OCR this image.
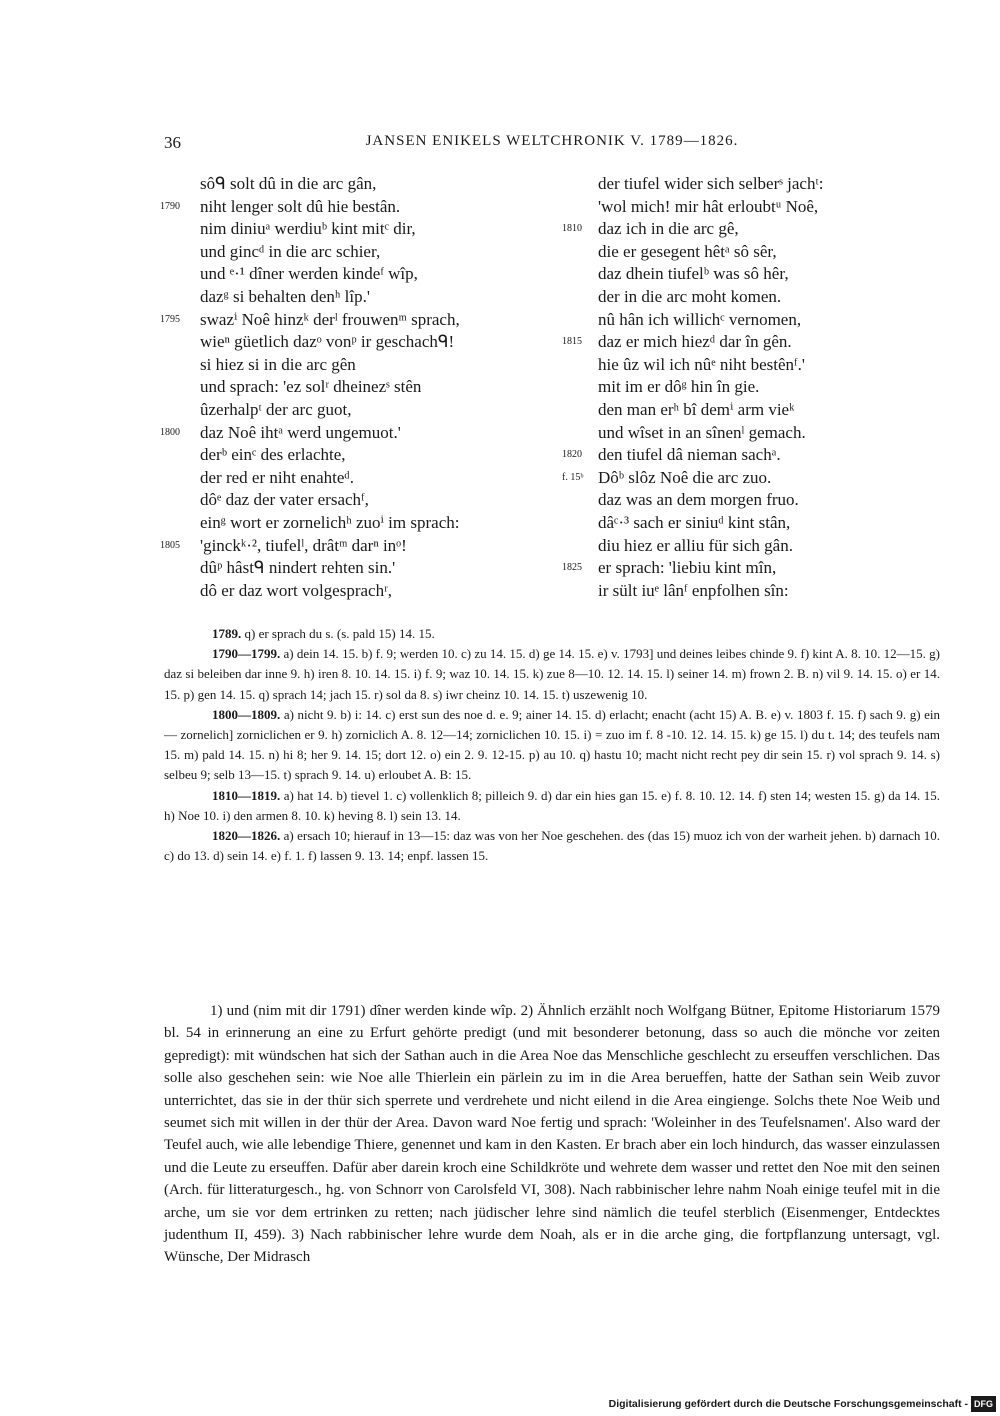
36	JANSEN ENIKELS WELTCHRONIK V. 1789—1826.
sôᑫ solt dû in die arc gân,
1790 niht lenger solt dû hie bestân.
nim diniuᵃ werdiuᵇ kint mitᶜ dir,
und gincᵈ in die arc schier,
und ᵉ·¹ dîner werden kindeᶠ wîp,
dazᵍ si behalten denʰ lîp.'
1795 swazⁱ Noê hinzᵏ derˡ frouwenᵐ sprach,
wieⁿ güetlich dazᵒ vonᵖ ir geschachᑫ!
si hiez si in die arc gên
und sprach: 'ez solʳ dheinezˢ stên
ûzerhalpᵗ der arc guot,
1800 daz Noê ihtᵃ werd ungemuot.'
derᵇ einᶜ des erlachte,
der red er niht enahteᵈ.
dôᵉ daz der vater ersachᶠ,
einᵍ wort er zornelichʰ zuoⁱ im sprach:
1805 'ginckᵏ·², tiufelˡ, drâtᵐ darⁿ inᵒ!
dûᵖ hâstᑫ nindert rehten sin.'
dô er daz wort volgesprachʳ,
der tiufel wider sich selberˢ jachᵗ:
'wol mich! mir hât erloubtᵘ Noê,
1810 daz ich in die arc gê,
die er gesegent hêtᵃ sô sêr,
daz dhein tiufelᵇ was sô hêr,
der in die arc moht komen.
nû hân ich willichᶜ vernomen,
1815 daz er mich hiezᵈ dar în gên.
hie ûz wil ich nûᵉ niht bestênᶠ.'
mit im er dôᵍ hin în gie.
den man erʰ bî demⁱ arm vieᵏ
und wîset in an sînenˡ gemach.
1820 den tiufel dâ nieman sachᵃ.
f. 15ᵇ Dôᵇ slôz Noê die arc zuo.
daz was an dem morgen fruo.
dâᶜ·³ sach er siniuᵈ kint stân,
diu hiez er alliu für sich gân.
1825 er sprach: 'liebiu kint mîn,
ir sült iuᵉ lânᶠ enpfolhen sîn:

1789. q) er sprach du s. (s. pald 15) 14. 15.

1790—1799. a) dein 14. 15. b) f. 9; werden 10. c) zu 14. 15. d) ge 14. 15. e) v. 1793] und deines leibes chinde 9. f) kint A. 8. 10. 12—15. g) daz si beleiben dar inne 9. h) iren 8. 10. 14. 15. i) f. 9; waz 10. 14. 15. k) zue 8—10. 12. 14. 15. l) seiner 14. m) frown 2. B. n) vil 9. 14. 15. o) er 14. 15. p) gen 14. 15. q) sprach 14; jach 15. r) sol da 8. s) iwr cheinz 10. 14. 15. t) uszewenig 10.

1800—1809. a) nicht 9. b) i: 14. c) erst sun des noe d. e. 9; ainer 14. 15. d) erlacht; enacht (acht 15) A. B. e) v. 1803 f. 15. f) sach 9. g) ein — zornelich] zorniclichen er 9. h) zorniclich A. 8. 12—14; zorniclichen 10. 15. i) = zuo im f. 8 -10. 12. 14. 15. k) ge 15. l) du t. 14; des teufels nam 15. m) pald 14. 15. n) hi 8; her 9. 14. 15; dort 12. o) ein 2. 9. 12-15. p) au 10. q) hastu 10; macht nicht recht pey dir sein 15. r) vol sprach 9. 14. s) selbeu 9; selb 13—15. t) sprach 9. 14. u) erloubet A. B: 15.

1810—1819. a) hat 14. b) tievel 1. c) vollenklich 8; pilleich 9. d) dar ein hies gan 15. e) f. 8. 10. 12. 14. f) sten 14; westen 15. g) da 14. 15. h) Noe 10. i) den armen 8. 10. k) heving 8. l) sein 13. 14.

1820—1826. a) ersach 10; hierauf in 13—15: daz was von her Noe geschehen. des (das 15) muoz ich von der warheit jehen. b) darnach 10. c) do 13. d) sein 14. e) f. 1. f) lassen 9. 13. 14; enpf. lassen 15.

1) und (nim mit dir 1791) dîner werden kinde wîp. 2) Ähnlich erzählt noch Wolfgang Bütner, Epitome Historiarum 1579 bl. 54 in erinnerung an eine zu Erfurt gehörte predigt (und mit besonderer betonung, dass so auch die mönche vor zeiten gepredigt): mit wündschen hat sich der Sathan auch in die Area Noe das Menschliche geschlecht zu erseuffen verschlichen. Das solle also geschehen sein: wie Noe alle Thierlein ein pärlein zu im in die Area berueffen, hatte der Sathan sein Weib zuvor unterrichtet, das sie in der thür sich sperrete und verdrehete und nicht eilend in die Area eingienge. Solchs thete Noe Weib und seumet sich mit willen in der thür der Area. Davon ward Noe fertig und sprach: 'Woleinher in des Teufelsnamen'. Also ward der Teufel auch, wie alle lebendige Thiere, genennet und kam in den Kasten. Er brach aber ein loch hindurch, das wasser einzulassen und die Leute zu erseuffen. Dafür aber darein kroch eine Schildkröte und wehrete dem wasser und rettet den Noe mit den seinen (Arch. für litteraturgesch., hg. von Schnorr von Carolsfeld VI, 308). Nach rabbinischer lehre nahm Noah einige teufel mit in die arche, um sie vor dem ertrinken zu retten; nach jüdischer lehre sind nämlich die teufel sterblich (Eisenmenger, Entdecktes judenthum II, 459). 3) Nach rabbinischer lehre wurde dem Noah, als er in die arche ging, die fortpflanzung untersagt, vgl. Wünsche, Der Midrasch

Digitalisierung gefördert durch die Deutsche Forschungsgemeinschaft - DFG
